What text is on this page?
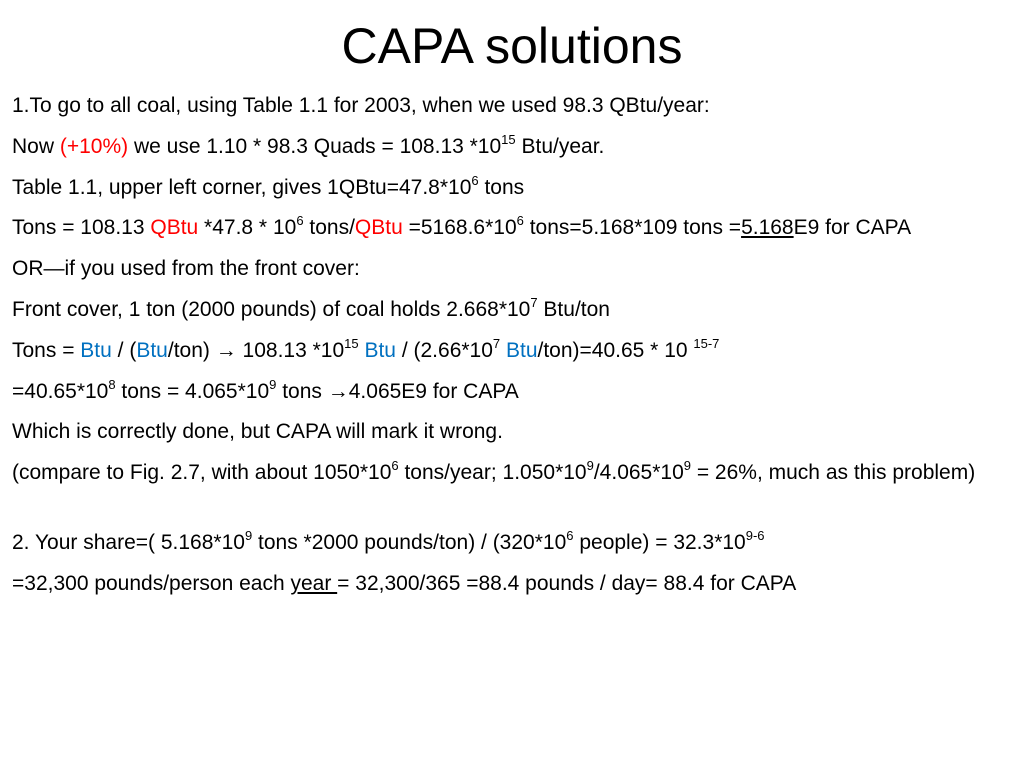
CAPA solutions
1.To go to all coal, using Table 1.1 for 2003, when we used 98.3 QBtu/year:
Now (+10%) we use 1.10 * 98.3 Quads = 108.13 $*10^{15}$ Btu/year.
Table 1.1, upper left corner, gives $1QBtu=47.8*10^6$ tons
Tons = 108.13 QBtu $*47.8 * 10^6$ tons/QBtu $=5168.6*10^6$ tons=5.168*109 tons =5.168E9 for CAPA
OR—if you used from the front cover:
Front cover, 1 ton (2000 pounds) of coal holds $2.668*10^7$ Btu/ton
Tons = Btu / (Btu/ton) → 108.13 $*10^{15}$ Btu / ($2.66*10^7$ Btu/ton)=40.65 * 10 $^{15-7}$
$=40.65*10^8$ tons = $4.065*10^9$ tons →4.065E9 for CAPA
Which is correctly done, but CAPA will mark it wrong.
(compare to Fig. 2.7, with about $1050*10^6$ tons/year; $1.050*10^9/4.065*10^9 = 26\%$, much as this problem)
2. Your share=( $5.168*10^9$ tons *2000 pounds/ton) / ($320*10^6$ people) = $32.3*10^{9-6}$
=32,300 pounds/person each year = 32,300/365 =88.4 pounds / day= 88.4 for CAPA
